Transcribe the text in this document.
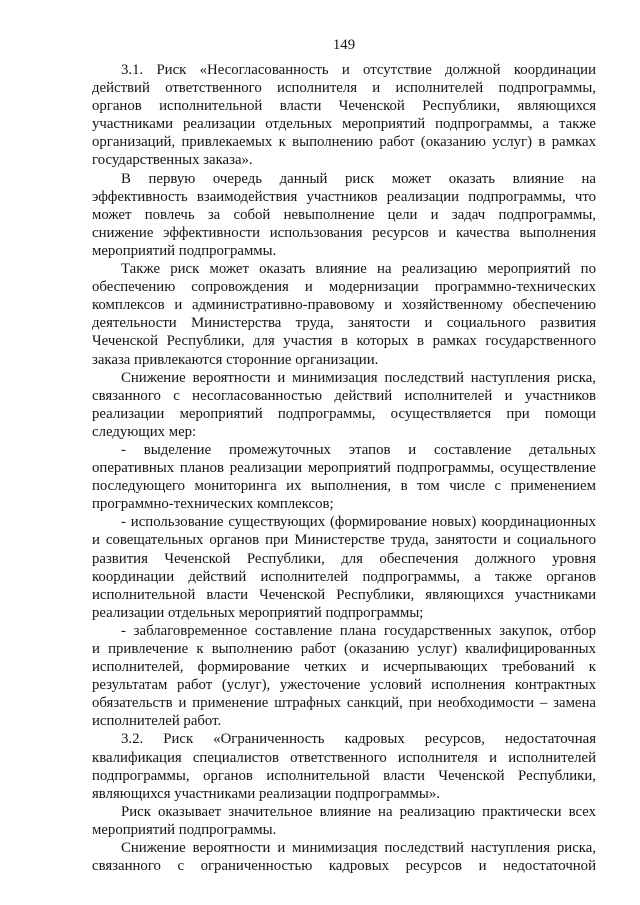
149
3.1. Риск «Несогласованность и отсутствие должной координации
действий ответственного исполнителя и исполнителей подпрограммы,
органов исполнительной власти Чеченской Республики, являющихся
участниками реализации отдельных мероприятий подпрограммы, а также
организаций, привлекаемых к выполнению работ (оказанию услуг) в рамках
государственных заказа».
В первую очередь данный риск может оказать влияние на
эффективность взаимодействия участников реализации подпрограммы, что
может повлечь за собой невыполнение цели и задач подпрограммы,
снижение эффективности использования ресурсов и качества выполнения
мероприятий подпрограммы.
Также риск может оказать влияние на реализацию мероприятий по
обеспечению сопровождения и модернизации программно-технических
комплексов и административно-правовому и хозяйственному обеспечению
деятельности Министерства труда, занятости и социального развития
Чеченской Республики, для участия в которых в рамках государственного
заказа привлекаются сторонние организации.
Снижение вероятности и минимизация последствий наступления риска,
связанного с несогласованностью действий исполнителей и участников
реализации мероприятий подпрограммы, осуществляется при помощи
следующих мер:
- выделение промежуточных этапов и составление детальных
оперативных планов реализации мероприятий подпрограммы, осуществление
последующего мониторинга их выполнения, в том числе с применением
программно-технических комплексов;
- использование существующих (формирование новых) координационных
и совещательных органов при Министерстве труда, занятости и социального
развития Чеченской Республики, для обеспечения должного уровня
координации действий исполнителей подпрограммы, а также органов
исполнительной власти Чеченской Республики, являющихся участниками
реализации отдельных мероприятий подпрограммы;
- заблаговременное составление плана государственных закупок, отбор
и привлечение к выполнению работ (оказанию услуг) квалифицированных
исполнителей, формирование четких и исчерпывающих требований к
результатам работ (услуг), ужесточение условий исполнения контрактных
обязательств и применение штрафных санкций, при необходимости – замена
исполнителей работ.
3.2. Риск «Ограниченность кадровых ресурсов, недостаточная
квалификация специалистов ответственного исполнителя и исполнителей
подпрограммы, органов исполнительной власти Чеченской Республики,
являющихся участниками реализации подпрограммы».
Риск оказывает значительное влияние на реализацию практически всех
мероприятий подпрограммы.
Снижение вероятности и минимизация последствий наступления риска,
связанного с ограниченностью кадровых ресурсов и недостаточной
